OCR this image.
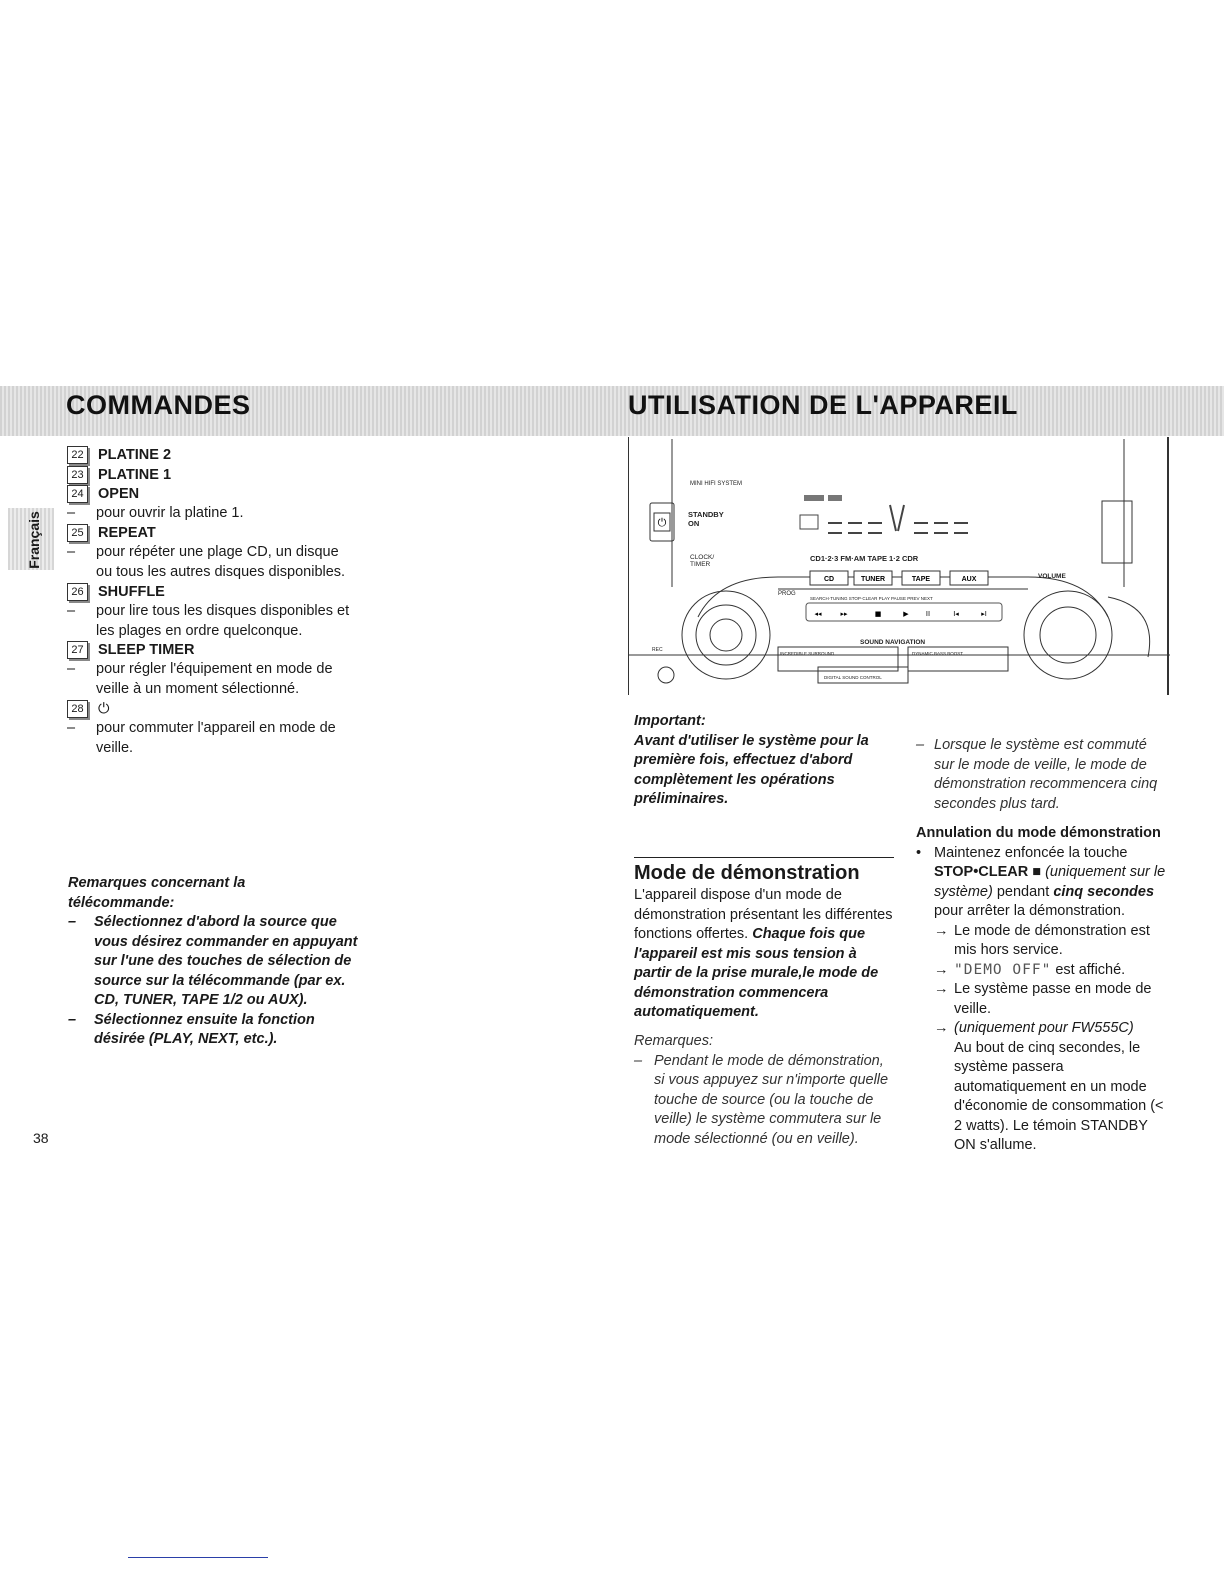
COMMANDES	UTILISATION DE L'APPAREIL
Français
22 PLATINE 2
23 PLATINE 1
24 OPEN
–	pour ouvrir la platine 1.
25 REPEAT
–	pour répéter une plage CD, un disque ou tous les autres disques disponibles.
26 SHUFFLE
–	pour lire tous les disques disponibles et les plages en ordre quelconque.
27 SLEEP TIMER
–	pour régler l'équipement en mode de veille à un moment sélectionné.
28 ⏻
–	pour commuter l'appareil en mode de veille.
Remarques concernant la télécommande:
– Sélectionnez d'abord la source que vous désirez commander en appuyant sur l'une des touches de sélection de source sur la télécommande (par ex. CD, TUNER, TAPE 1/2 ou AUX).
– Sélectionnez ensuite la fonction désirée (PLAY, NEXT, etc.).
38
MINI HIFI SYSTEM
STANDBY
ON
CLOCK/
TIMER
CD1·2·3 FM·AM TAPE 1·2 CDR
PROG
VOLUME
SEARCH·TUNING STOP·CLEAR PLAY PAUSE PREV NEXT
SOUND NAVIGATION
INCREDIBLE SURROUND	DYNAMIC BASS BOOST
DIGITAL SOUND CONTROL
REC
⏻
CD	TUNER	TAPE	AUX
◂◂	▸▸	■	▶ II	I◂	▸I
Important:
Avant d'utiliser le système pour la première fois, effectuez d'abord complètement les opérations préliminaires.
Mode de démonstration
L'appareil dispose d'un mode de démonstration présentant les différentes fonctions offertes. Chaque fois que l'appareil est mis sous tension à partir de la prise murale,le mode de démonstration commencera automatiquement.
Remarques:
– Pendant le mode de démonstration, si vous appuyez sur n'importe quelle touche de source (ou la touche de veille) le système commutera sur le mode sélectionné (ou en veille).
– Lorsque le système est commuté sur le mode de veille, le mode de démonstration recommencera cinq secondes plus tard.
Annulation du mode démonstration
• Maintenez enfoncée la touche STOP•CLEAR ■ (uniquement sur le système) pendant cinq secondes pour arrêter la démonstration.
→ Le mode de démonstration est mis hors service.
→ "DEMO OFF" est affiché.
→ Le système passe en mode de veille.
→ (uniquement pour FW555C)
Au bout de cinq secondes, le système passera automatiquement en un mode d'économie de consommation (< 2 watts). Le témoin STANDBY ON s'allume.
